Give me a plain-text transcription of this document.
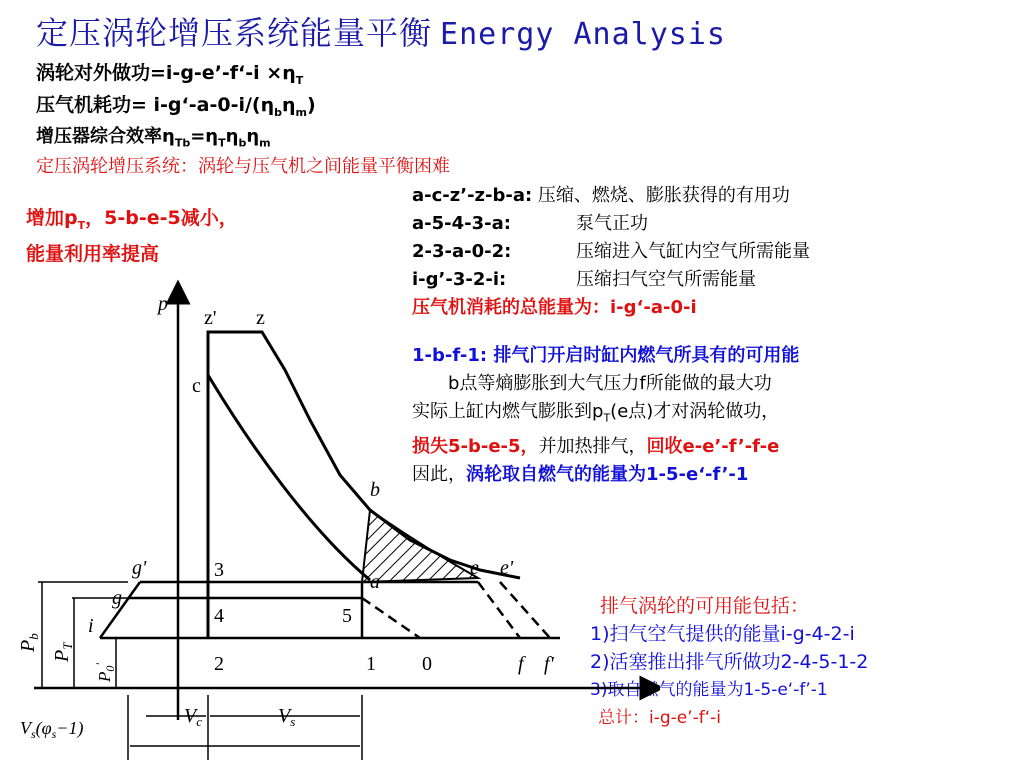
定压涡轮增压系统能量平衡 Energy Analysis
涡轮对外做功=i-g-e’-f‘-i $\times\eta_T$
压气机耗功= $i-g‘-a-0-i/(\eta_b\eta_m)$
增压器综合效率$\eta_{Tb}=\eta_T\eta_b\eta_m$
定压涡轮增压系统：涡轮与压气机之间能量平衡困难
增加$p_T$，5-b-e-5减小，
能量利用率提高
a-c-z’-z-b-a: 压缩、燃烧、膨胀获得的有用功
a-5-4-3-a:	泵气正功
2-3-a-0-2:	压缩进入气缸内空气所需能量
i-g’-3-2-i:	压缩扫气空气所需能量
压气机消耗的总能量为：i-g‘-a-0-i
1-b-f-1: 排气门开启时缸内燃气所具有的可用能
b点等熵膨胀到大气压力f所能做的最大功
实际上缸内燃气膨胀到$p_T(e$点)才对涡轮做功，
损失5-b-e-5，并加热排气，回收e-e’-f’-f-e
因此，涡轮取自燃气的能量为1-5-e‘-f’-1
排气涡轮的可用能包括：
1)扫气空气提供的能量i-g-4-2-i
2)活塞推出排气所做功2-4-5-1-2
3)取自燃气的能量为1-5-e‘-f’-1
总计：i-g-e’-f‘-i
p
z' z
c
b
a
e e'
g'
g
i
3
4	5
2	1 0	f f'
$P_b$
$P_T$
$P_0'$
$V_c$	$V_s$
$V_s(\varphi_s-1)$
